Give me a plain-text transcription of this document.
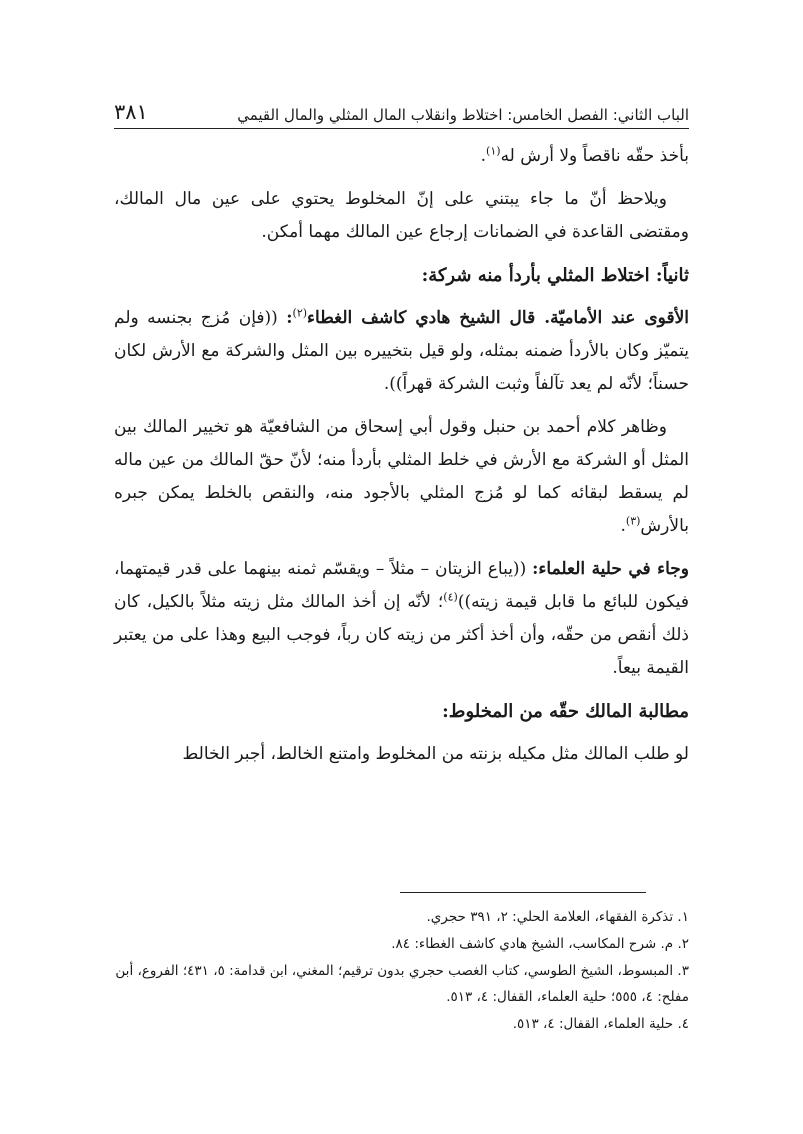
الباب الثاني: الفصل الخامس: اختلاط وانقلاب المال المثلي والمال القيمي
٣٨١

بأخذ حقّه ناقصاً ولا أرش له$^{(١)}$.

ويلاحظ أنّ ما جاء يبتني على إنّ المخلوط يحتوي على عين مال المالك، ومقتضى القاعدة في الضمانات إرجاع عين المالك مهما أمكن.

ثانياً: اختلاط المثلي بأردأ منه شركة:

الأقوى عند الأماميّة. قال الشيخ هادي كاشف الغطاء$^{(٢)}$: ((فإن مُزج بجنسه ولم يتميّز وكان بالأردأ ضمنه بمثله، ولو قيل بتخييره بين المثل والشركة مع الأرش لكان حسناً؛ لأنّه لم يعد تآلفاً وثبت الشركة قهراً)).

وظاهر كلام أحمد بن حنبل وقول أبي إسحاق من الشافعيّة هو تخيير المالك بين المثل أو الشركة مع الأرش في خلط المثلي بأردأ منه؛ لأنّ حقّ المالك من عين ماله لم يسقط لبقائه كما لو مُزج المثلي بالأجود منه، والنقص بالخلط يمكن جبره بالأرش$^{(٣)}$.

وجاء في حلية العلماء: ((يباع الزيتان – مثلاً – ويقسّم ثمنه بينهما على قدر قيمتهما، فيكون للبائع ما قابل قيمة زيته))$^{(٤)}$؛ لأنّه إن أخذ المالك مثل زيته مثلاً بالكيل، كان ذلك أنقص من حقّه، وأن أخذ أكثر من زيته كان رباً، فوجب البيع وهذا على من يعتبر القيمة بيعاً.

مطالبة المالك حقّه من المخلوط:

لو طلب المالك مثل مكيله بزنته من المخلوط وامتنع الخالط، أجبر الخالط

١. تذكرة الفقهاء، العلامة الحلي: ٢، ٣٩١ حجري.
٢. م. شرح المكاسب، الشيخ هادي كاشف الغطاء: ٨٤.
٣. المبسوط، الشيخ الطوسي، كتاب الغصب حجري بدون ترقيم؛ المغني، ابن قدامة: ٥، ٤٣١؛ الفروع، أبن مفلح: ٤، ٥٥٥؛ حلية العلماء، القفال: ٤، ٥١٣.
٤. حلية العلماء، القفال: ٤، ٥١٣.
